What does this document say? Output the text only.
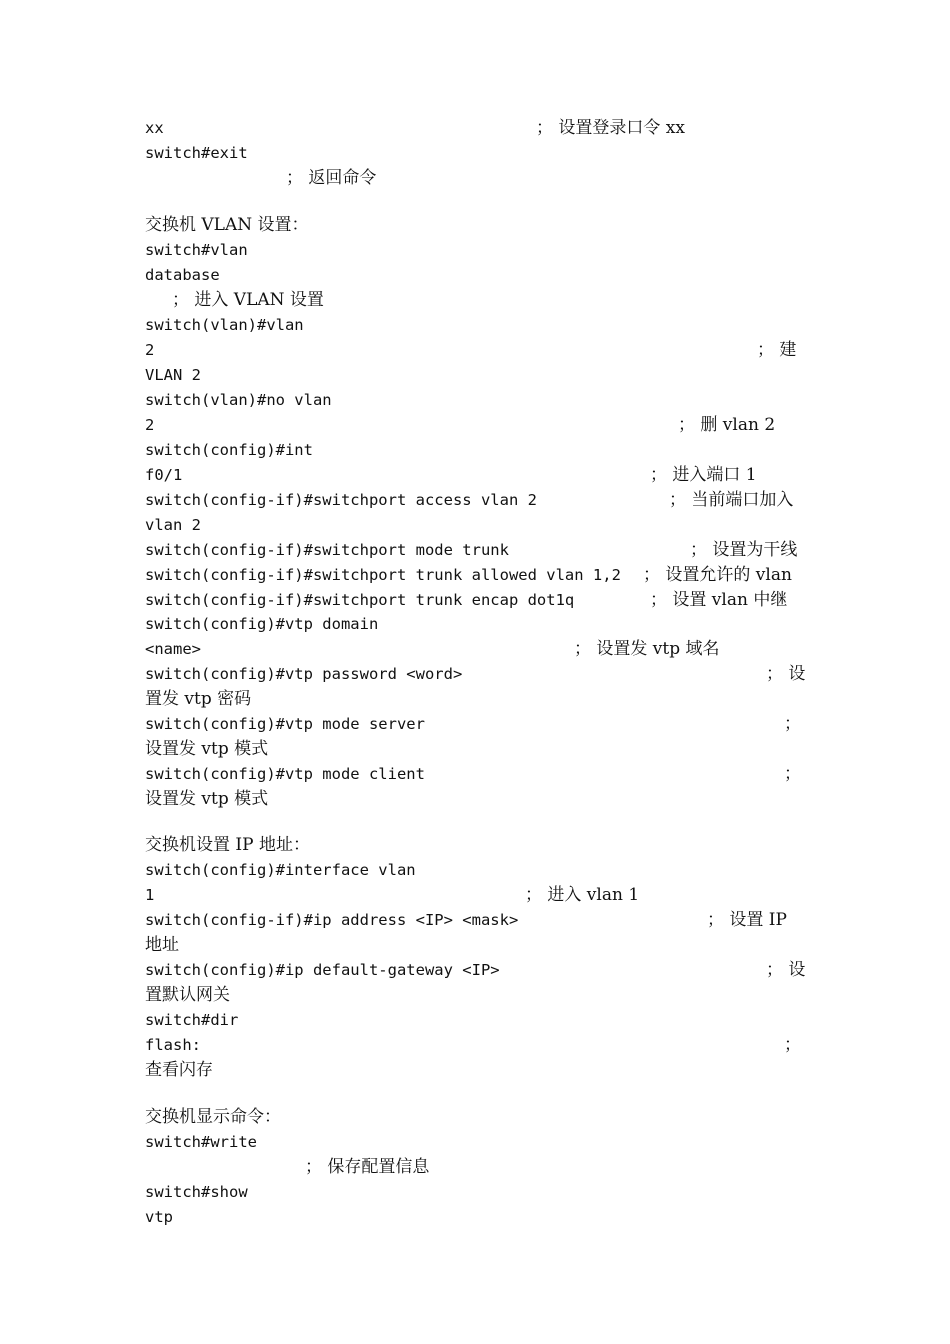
xx	； 设置登录口令 xx
switch#exit
； 返回命令
交换机 VLAN 设置：
switch#vlan
database
； 进入 VLAN 设置
switch(vlan)#vlan
2	； 建
VLAN 2
switch(vlan)#no vlan
2	； 删 vlan 2
switch(config)#int
f0/1	； 进入端口 1
switch(config-if)#switchport access vlan 2	； 当前端口加入
vlan 2
switch(config-if)#switchport mode trunk	； 设置为干线
switch(config-if)#switchport trunk allowed vlan 1,2 ； 设置允许的 vlan
switch(config-if)#switchport trunk encap dot1q	； 设置 vlan 中继
switch(config)#vtp domain
<name>	； 设置发 vtp 域名
switch(config)#vtp password <word>	； 设
置发 vtp 密码
switch(config)#vtp mode server	；
设置发 vtp 模式
switch(config)#vtp mode client	；
设置发 vtp 模式
交换机设置 IP 地址：
switch(config)#interface vlan
1	； 进入 vlan 1
switch(config-if)#ip address <IP> <mask>	； 设置 IP
地址
switch(config)#ip default-gateway <IP>	； 设
置默认网关
switch#dir
flash:	；
查看闪存
交换机显示命令：
switch#write
； 保存配置信息
switch#show
vtp
